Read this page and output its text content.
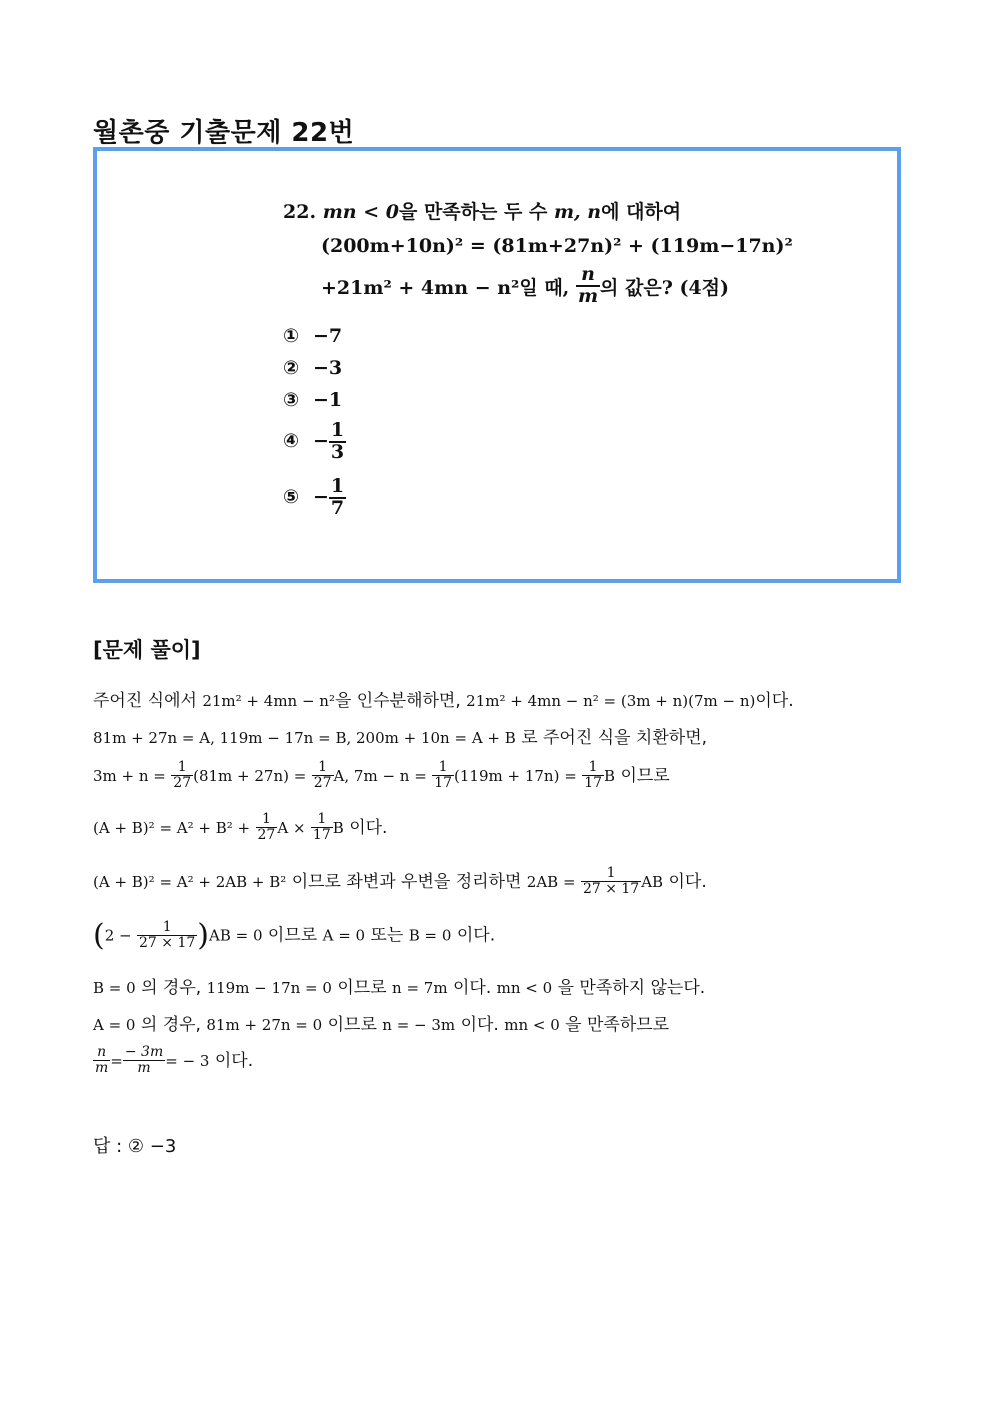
월촌중 기출문제 22번
22. mn < 0을 만족하는 두 수 m, n에 대하여
(200m+10n)² = (81m+27n)² + (119m−17n)²
+21m² + 4mn − n²일 때, $\frac{n}{m}$ 의 값은? (4점)
① −7
② −3
③ −1
④ − $\frac{1}{3}$
⑤ − $\frac{1}{7}$
[문제 풀이]
주어진 식에서 21m² + 4mn − n²을 인수분해하면, 21m² + 4mn − n² = (3m + n)(7m − n)이다.
81m + 27n = A, 119m − 17n = B, 200m + 10n = A + B 로 주어진 식을 치환하면,
$3m + n = \frac{1}{27} (81m + 27n) = \frac{1}{27} A$, $7m - n = \frac{1}{17} (119m + 17n) = \frac{1}{17}$ B 이므로
$(A + B)^2 = A^2 + B^2 + \frac{1}{27}$ $A \times \frac{1}{17}$ B 이다.
(A + B)² = A² + 2AB + B² 이므로 좌변과 우변을 정리하면 $2AB = \frac{1}{27 \times 17}$ AB 이다.
$(2 - \frac{1}{27 \times 17} )AB = 0$ 이므로 A = 0 또는 B = 0 이다.
B = 0 의 경우, 119m − 17n = 0 이므로 n = 7m 이다. mn < 0 을 만족하지 않는다.
A = 0 의 경우, 81m + 27n = 0 이므로 n = − 3m 이다. mn < 0 을 만족하므로
$\frac{n}{m} = \frac{- 3m}{m}$ = − 3 이다.
답 : ② −3
